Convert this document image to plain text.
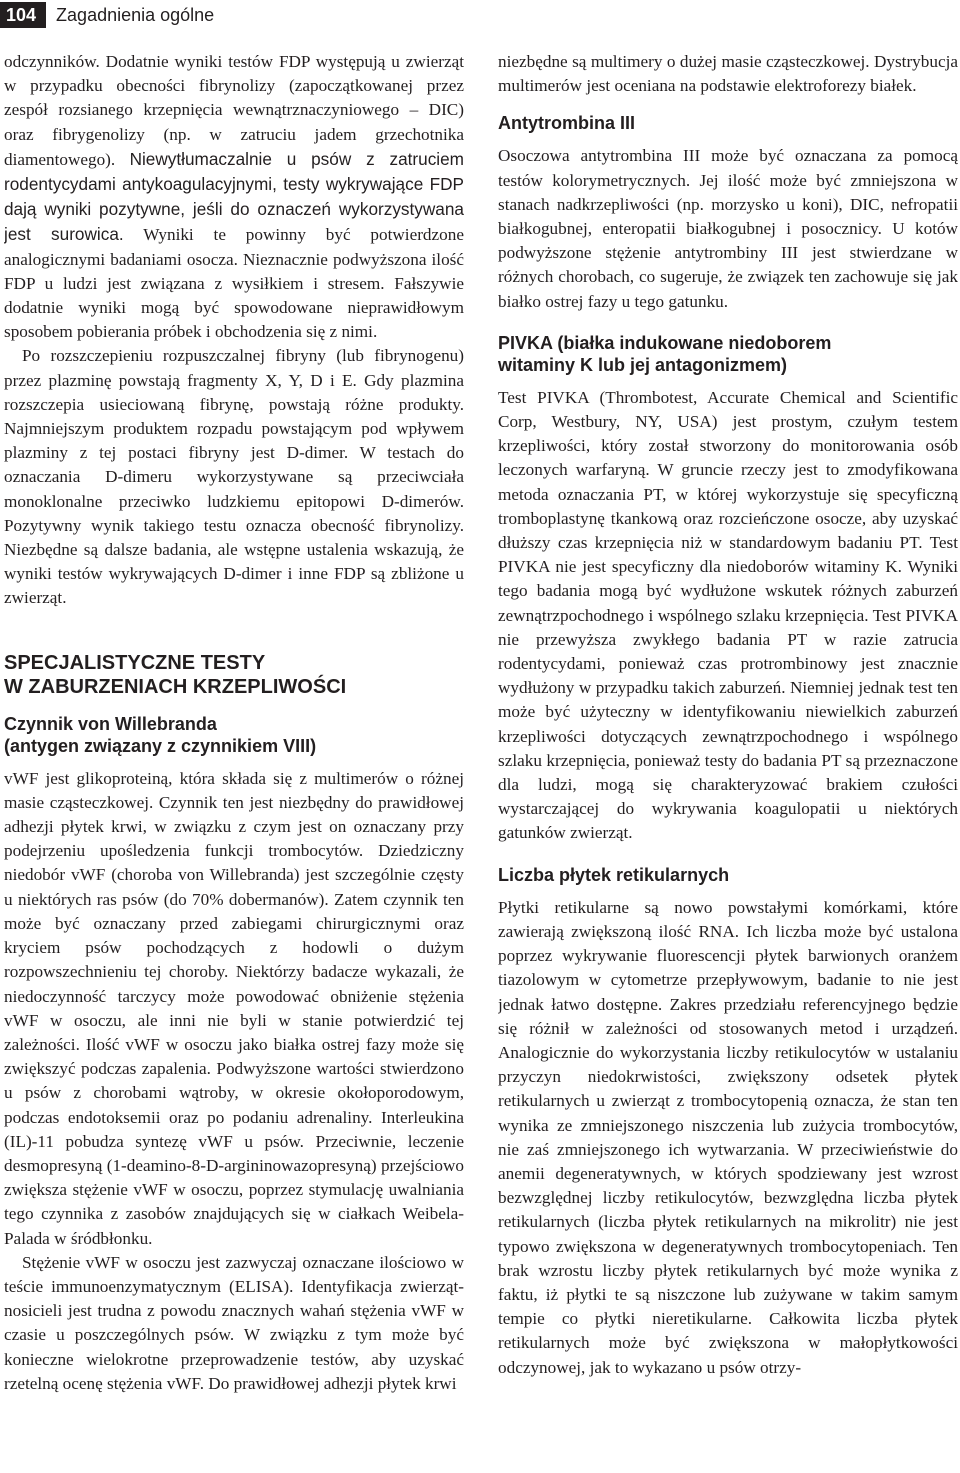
104	Zagadnienia ogólne

odczynników. Dodatnie wyniki testów FDP występują u zwierząt w przypadku obecności fibrynolizy (zapoczątkowanej przez zespół rozsianego krzepnięcia wewnątrznaczyniowego – DIC) oraz fibrygenolizy (np. w zatruciu jadem grzechotnika diamentowego). Niewytłumaczalnie u psów z zatruciem rodentycydami antykoagulacyjnymi, testy wykrywające FDP dają wyniki pozytywne, jeśli do oznaczeń wykorzystywana jest surowica. Wyniki te powinny być potwierdzone analogicznymi badaniami osocza. Nieznacznie podwyższona ilość FDP u ludzi jest związana z wysiłkiem i stresem. Fałszywie dodatnie wyniki mogą być spowodowane nieprawidłowym sposobem pobierania próbek i obchodzenia się z nimi.

Po rozszczepieniu rozpuszczalnej fibryny (lub fibrynogenu) przez plazminę powstają fragmenty X, Y, D i E. Gdy plazmina rozszczepia usieciowaną fibrynę, powstają różne produkty. Najmniejszym produktem rozpadu powstającym pod wpływem plazminy z tej postaci fibryny jest D-dimer. W testach do oznaczania D-dimeru wykorzystywane są przeciwciała monoklonalne przeciwko ludzkiemu epitopowi D-dimerów. Pozytywny wynik takiego testu oznacza obecność fibrynolizy. Niezbędne są dalsze badania, ale wstępne ustalenia wskazują, że wyniki testów wykrywających D-dimer i inne FDP są zbliżone u zwierząt.

SPECJALISTYCZNE TESTY
W ZABURZENIACH KRZEPLIWOŚCI
Czynnik von Willebranda
(antygen związany z czynnikiem VIII)

vWF jest glikoproteiną, która składa się z multimerów o różnej masie cząsteczkowej. Czynnik ten jest niezbędny do prawidłowej adhezji płytek krwi, w związku z czym jest on oznaczany przy podejrzeniu upośledzenia funkcji trombocytów. Dziedziczny niedobór vWF (choroba von Willebranda) jest szczególnie częsty u niektórych ras psów (do 70% dobermanów). Zatem czynnik ten może być oznaczany przed zabiegami chirurgicznymi oraz kryciem psów pochodzących z hodowli o dużym rozpowszechnieniu tej choroby. Niektórzy badacze wykazali, że niedoczynność tarczycy może powodować obniżenie stężenia vWF w osoczu, ale inni nie byli w stanie potwierdzić tej zależności. Ilość vWF w osoczu jako białka ostrej fazy może się zwiększyć podczas zapalenia. Podwyższone wartości stwierdzono u psów z chorobami wątroby, w okresie okołoporodowym, podczas endotoksemii oraz po podaniu adrenaliny. Interleukina (IL)-11 pobudza syntezę vWF u psów. Przeciwnie, leczenie desmopresyną (1-deamino-8-D-argininowazopresyną) przejściowo zwiększa stężenie vWF w osoczu, poprzez stymulację uwalniania tego czynnika z zasobów znajdujących się w ciałkach Weibela-Palada w śródbłonku.

Stężenie vWF w osoczu jest zazwyczaj oznaczane ilościowo w teście immunoenzymatycznym (ELISA). Identyfikacja zwierząt-nosicieli jest trudna z powodu znacznych wahań stężenia vWF w czasie u poszczególnych psów. W związku z tym może być konieczne wielokrotne przeprowadzenie testów, aby uzyskać rzetelną ocenę stężenia vWF. Do prawidłowej adhezji płytek krwi

niezbędne są multimery o dużej masie cząsteczkowej. Dystrybucja multimerów jest oceniana na podstawie elektroforezy białek.

Antytrombina III

Osoczowa antytrombina III może być oznaczana za pomocą testów kolorymetrycznych. Jej ilość może być zmniejszona w stanach nadkrzepliwości (np. morzysko u koni), DIC, nefropatii białkogubnej, enteropatii białkogubnej i posocznicy. U kotów podwyższone stężenie antytrombiny III jest stwierdzane w różnych chorobach, co sugeruje, że związek ten zachowuje się jak białko ostrej fazy u tego gatunku.

PIVKA (białka indukowane niedoborem
witaminy K lub jej antagonizmem)

Test PIVKA (Thrombotest, Accurate Chemical and Scientific Corp, Westbury, NY, USA) jest prostym, czułym testem krzepliwości, który został stworzony do monitorowania osób leczonych warfaryną. W gruncie rzeczy jest to zmodyfikowana metoda oznaczania PT, w której wykorzystuje się specyficzną tromboplastynę tkankową oraz rozcieńczone osocze, aby uzyskać dłuższy czas krzepnięcia niż w standardowym badaniu PT. Test PIVKA nie jest specyficzny dla niedoborów witaminy K. Wyniki tego badania mogą być wydłużone wskutek różnych zaburzeń zewnątrzpochodnego i wspólnego szlaku krzepnięcia. Test PIVKA nie przewyższa zwykłego badania PT w razie zatrucia rodentycydami, ponieważ czas protrombinowy jest znacznie wydłużony w przypadku takich zaburzeń. Niemniej jednak test ten może być użyteczny w identyfikowaniu niewielkich zaburzeń krzepliwości dotyczących zewnątrzpochodnego i wspólnego szlaku krzepnięcia, ponieważ testy do badania PT są przeznaczone dla ludzi, mogą się charakteryzować brakiem czułości wystarczającej do wykrywania koagulopatii u niektórych gatunków zwierząt.

Liczba płytek retikularnych

Płytki retikularne są nowo powstałymi komórkami, które zawierają zwiększoną ilość RNA. Ich liczba może być ustalona poprzez wykrywanie fluorescencji płytek barwionych oranżem tiazolowym w cytometrze przepływowym, badanie to nie jest jednak łatwo dostępne. Zakres przedziału referencyjnego będzie się różnił w zależności od stosowanych metod i urządzeń. Analogicznie do wykorzystania liczby retikulocytów w ustalaniu przyczyn niedokrwistości, zwiększony odsetek płytek retikularnych u zwierząt z trombocytopenią oznacza, że stan ten wynika ze zmniejszonego niszczenia lub zużycia trombocytów, nie zaś zmniejszonego ich wytwarzania. W przeciwieństwie do anemii degeneratywnych, w których spodziewany jest wzrost bezwzględnej liczby retikulocytów, bezwzględna liczba płytek retikularnych (liczba płytek retikularnych na mikrolitr) nie jest typowo zwiększona w degeneratywnych trombocytopeniach. Ten brak wzrostu liczby płytek retikularnych być może wynika z faktu, iż płytki te są niszczone lub zużywane w takim samym tempie co płytki nieretikularne. Całkowita liczba płytek retikularnych może być zwiększona w małopłytkowości odczynowej, jak to wykazano u psów otrzy-
